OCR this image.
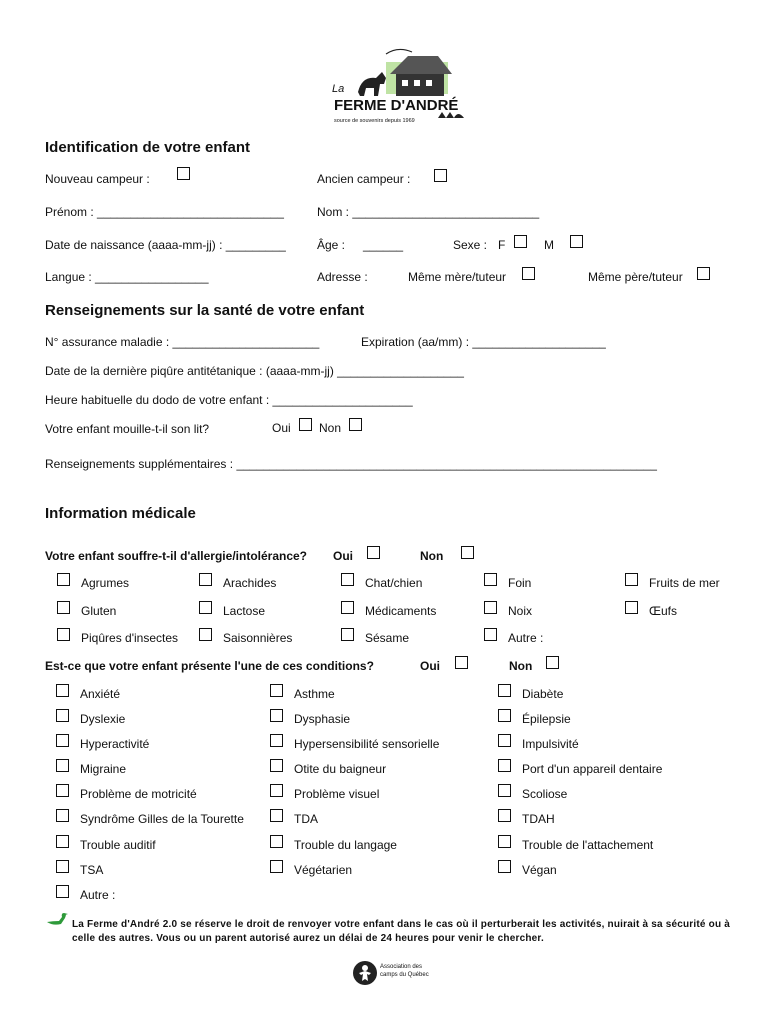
La
FERME D'ANDRÉ
source de souvenirs depuis 1969
Identification de votre enfant
Nouveau campeur :	Ancien campeur :
Prénom : ____________________________	Nom : ____________________________
Date de naissance (aaaa-mm-jj) : _________	Âge : ______	Sexe : F	M
Langue : _________________	Adresse :	Même mère/tuteur	Même père/tuteur
Renseignements sur la santé de votre enfant
N° assurance maladie : ______________________	Expiration (aa/mm) : ____________________
Date de la dernière piqûre antitétanique : (aaaa-mm-jj) ___________________
Heure habituelle du dodo de votre enfant : _____________________
Votre enfant mouille-t-il son lit?	Oui Non
Renseignements supplémentaires : _______________________________________________________________
Information médicale
Votre enfant souffre-t-il d'allergie/intolérance? Oui	Non
Agrumes	Arachides	Chat/chien	Foin	Fruits de mer
Gluten	Lactose	Médicaments	Noix	Œufs
Piqûres d'insectes	Saisonnières	Sésame	Autre :
Est-ce que votre enfant présente l'une de ces conditions?	Oui	Non
Anxiété	Asthme	Diabète
Dyslexie	Dysphasie	Épilepsie
Hyperactivité	Hypersensibilité sensorielle	Impulsivité
Migraine	Otite du baigneur	Port d'un appareil dentaire
Problème de motricité	Problème visuel	Scoliose
Syndrôme Gilles de la Tourette	TDA	TDAH
Trouble auditif	Trouble du langage	Trouble de l'attachement
TSA	Végétarien	Végan
Autre :
La Ferme d'André 2.0 se réserve le droit de renvoyer votre enfant dans le cas où il perturberait les activités, nuirait à sa sécurité ou à celle des autres. Vous ou un parent autorisé aurez un délai de 24 heures pour venir le chercher.
Association des
camps du Québec
